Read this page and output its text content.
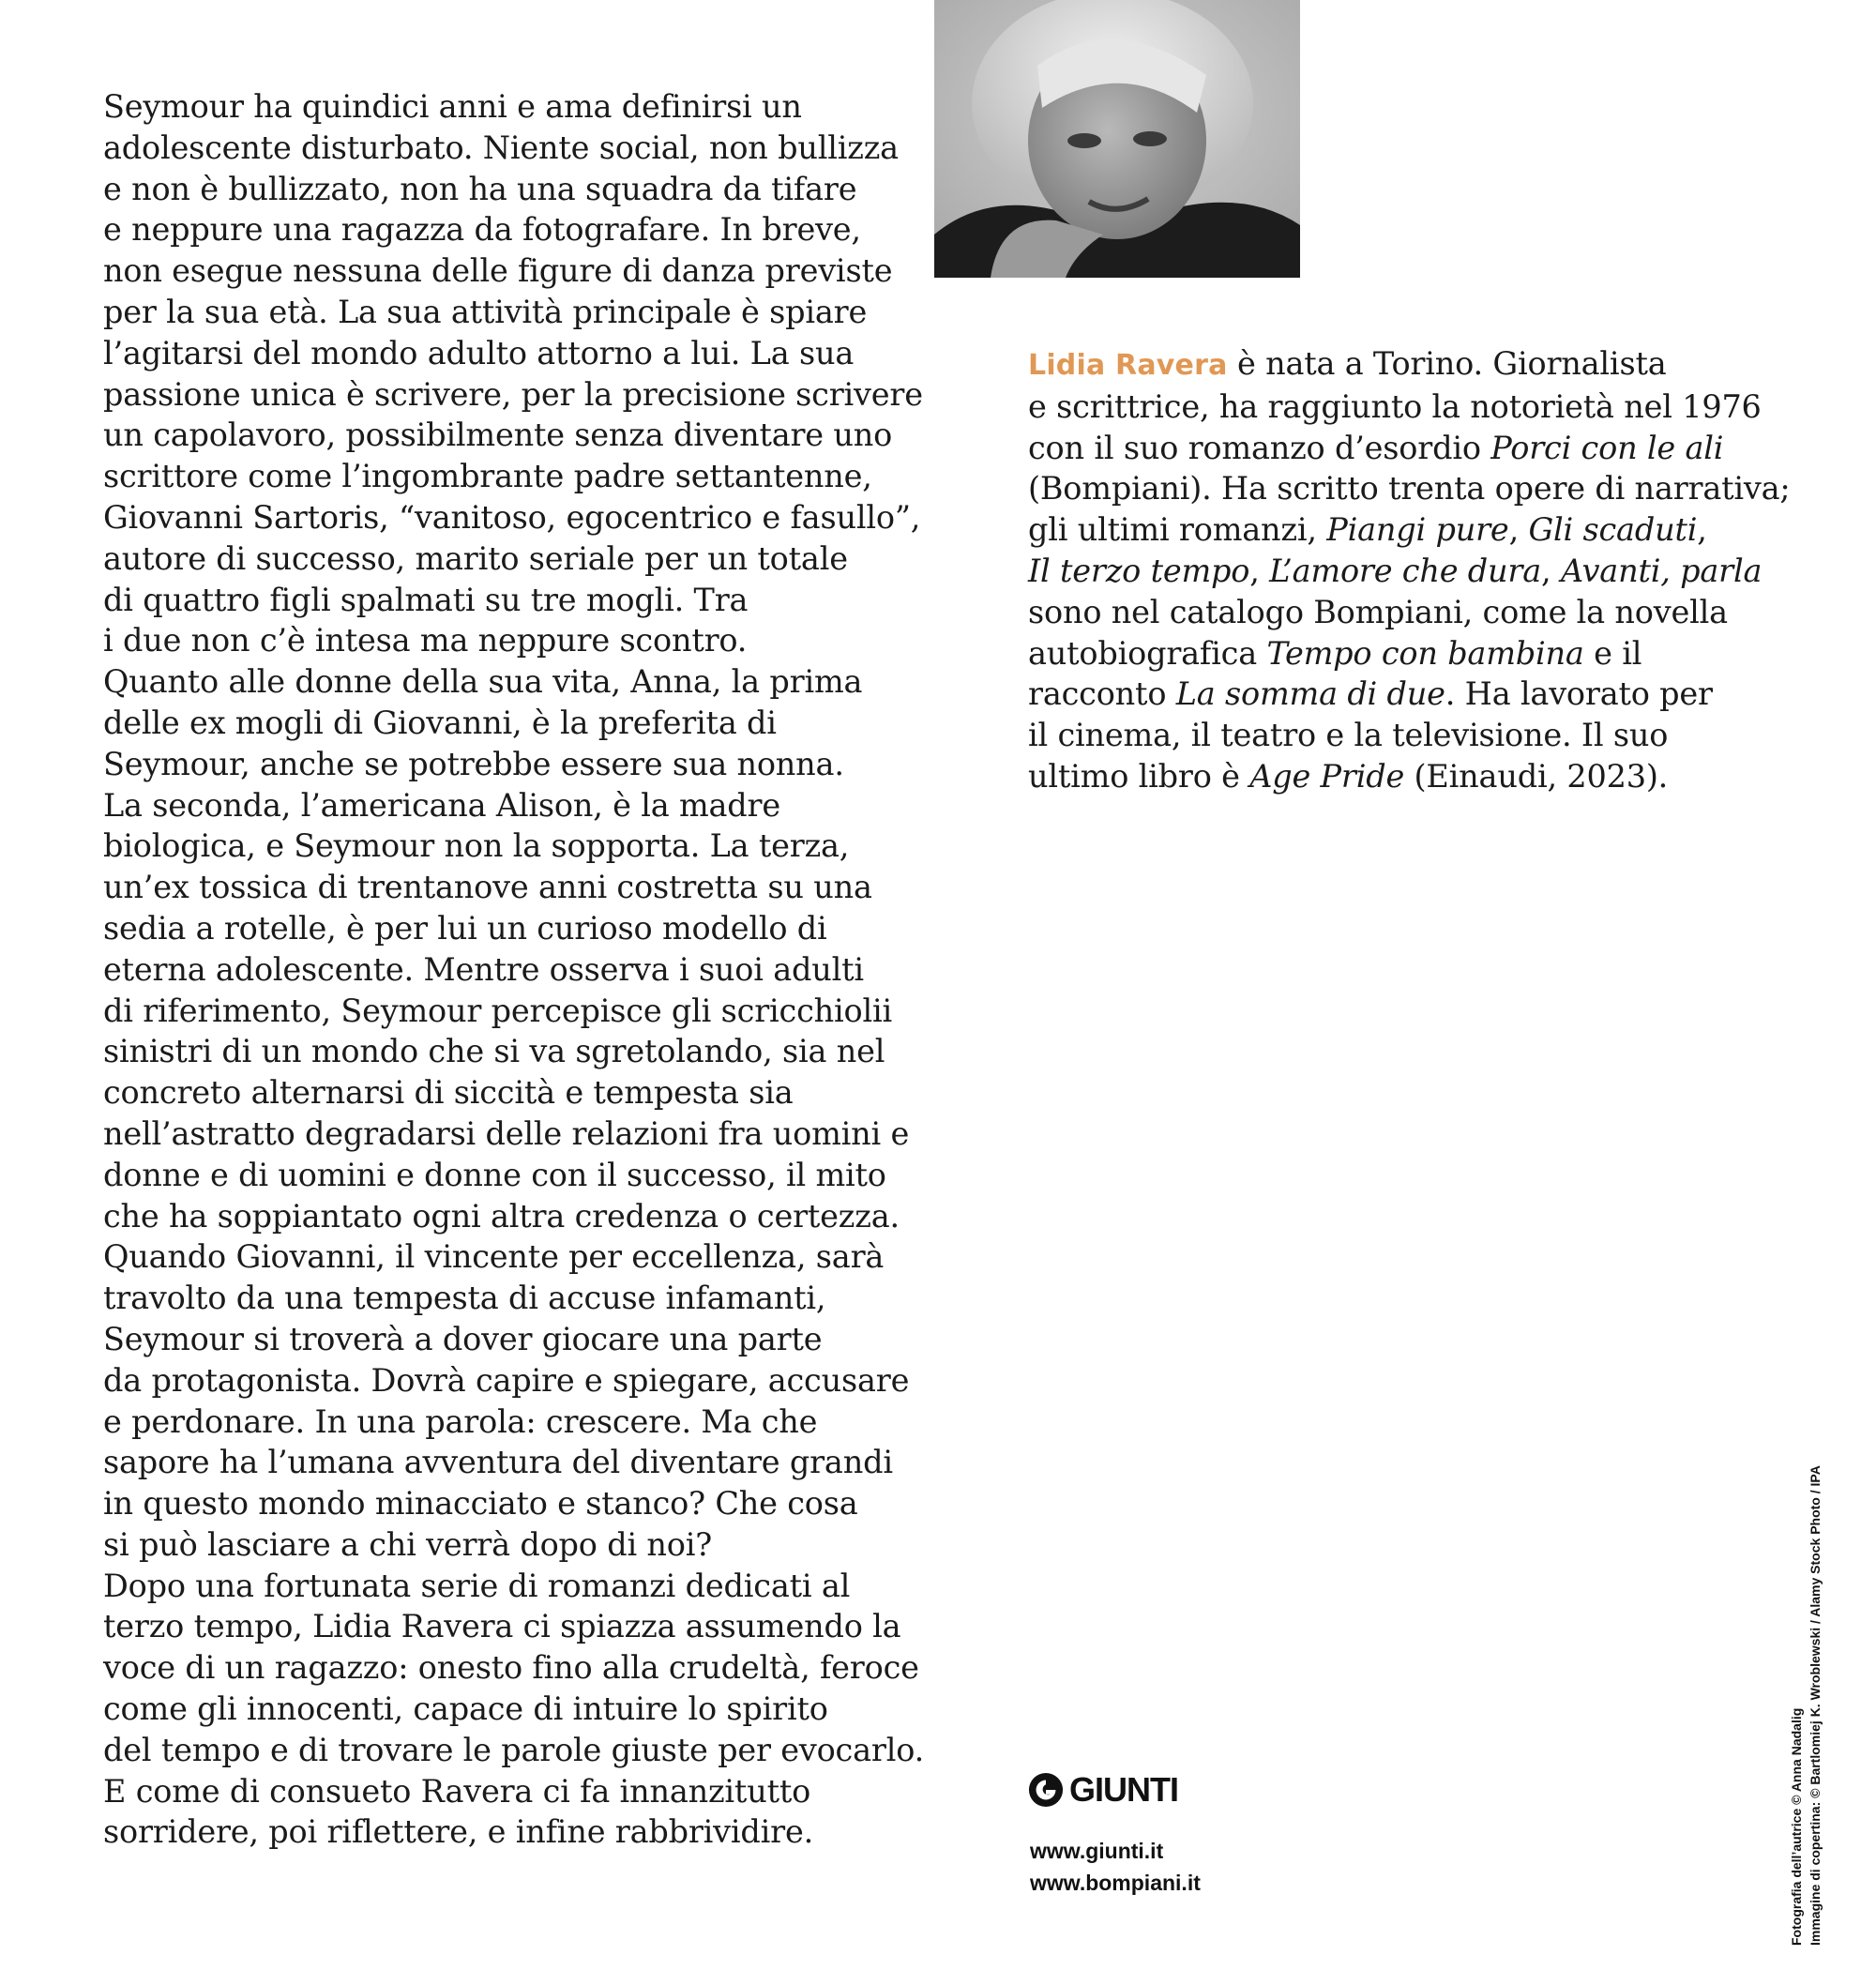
Seymour ha quindici anni e ama definirsi un
adolescente disturbato. Niente social, non bullizza
e non è bullizzato, non ha una squadra da tifare
e neppure una ragazza da fotografare. In breve,
non esegue nessuna delle figure di danza previste
per la sua età. La sua attività principale è spiare
l’agitarsi del mondo adulto attorno a lui. La sua
passione unica è scrivere, per la precisione scrivere
un capolavoro, possibilmente senza diventare uno
scrittore come l’ingombrante padre settantenne,
Giovanni Sartoris, “vanitoso, egocentrico e fasullo”,
autore di successo, marito seriale per un totale
di quattro figli spalmati su tre mogli. Tra
i due non c’è intesa ma neppure scontro.
Quanto alle donne della sua vita, Anna, la prima
delle ex mogli di Giovanni, è la preferita di
Seymour, anche se potrebbe essere sua nonna.
La seconda, l’americana Alison, è la madre
biologica, e Seymour non la sopporta. La terza,
un’ex tossica di trentanove anni costretta su una
sedia a rotelle, è per lui un curioso modello di
eterna adolescente. Mentre osserva i suoi adulti
di riferimento, Seymour percepisce gli scricchiolii
sinistri di un mondo che si va sgretolando, sia nel
concreto alternarsi di siccità e tempesta sia
nell’astratto degradarsi delle relazioni fra uomini e
donne e di uomini e donne con il successo, il mito
che ha soppiantato ogni altra credenza o certezza.
Quando Giovanni, il vincente per eccellenza, sarà
travolto da una tempesta di accuse infamanti,
Seymour si troverà a dover giocare una parte
da protagonista. Dovrà capire e spiegare, accusare
e perdonare. In una parola: crescere. Ma che
sapore ha l’umana avventura del diventare grandi
in questo mondo minacciato e stanco? Che cosa
si può lasciare a chi verrà dopo di noi?
Dopo una fortunata serie di romanzi dedicati al
terzo tempo, Lidia Ravera ci spiazza assumendo la
voce di un ragazzo: onesto fino alla crudeltà, feroce
come gli innocenti, capace di intuire lo spirito
del tempo e di trovare le parole giuste per evocarlo.
E come di consueto Ravera ci fa innanzitutto
sorridere, poi riflettere, e infine rabbrividire.
Lidia Ravera è nata a Torino. Giornalista
e scrittrice, ha raggiunto la notorietà nel 1976
con il suo romanzo d’esordio Porci con le ali
(Bompiani). Ha scritto trenta opere di narrativa;
gli ultimi romanzi, Piangi pure, Gli scaduti,
Il terzo tempo, L’amore che dura, Avanti, parla
sono nel catalogo Bompiani, come la novella
autobiografica Tempo con bambina e il
racconto La somma di due. Ha lavorato per
il cinema, il teatro e la televisione. Il suo
ultimo libro è Age Pride (Einaudi, 2023).
GIUNTI
www.giunti.it
www.bompiani.it	Fotografia dell’autrice © Anna Nadalig Immagine di copertina: © Bartlomiej K. Wroblewski / Alamy Stock Photo / IPA
